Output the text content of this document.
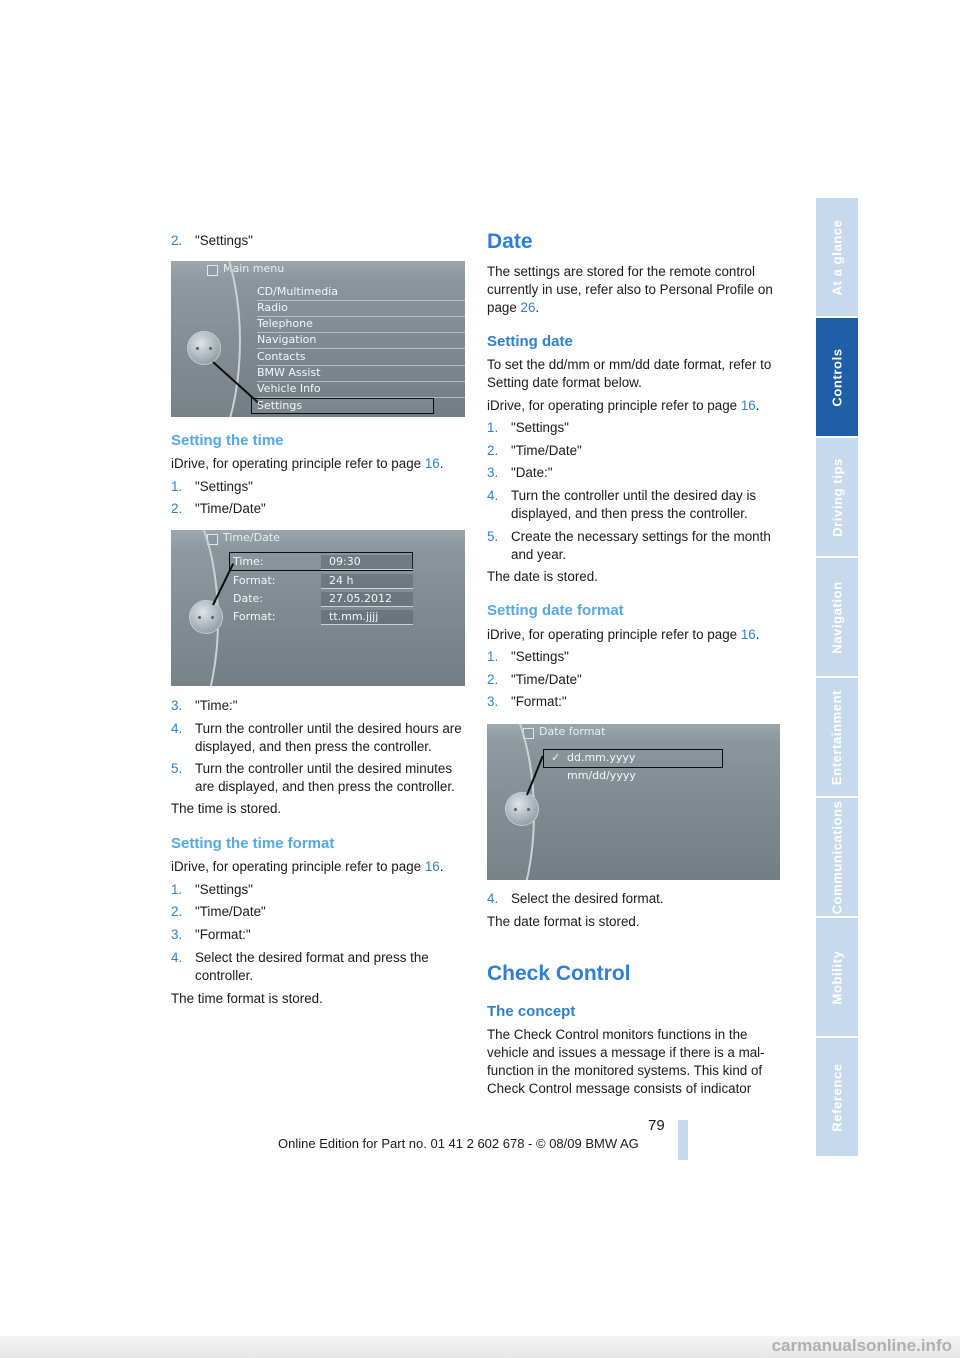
At a glance
Controls
Driving tips
Navigation
Entertainment
Communications
Mobility
Reference
2. "Settings"
Main menu
CD/Multimedia
Radio
Telephone
Navigation
Contacts
BMW Assist
Vehicle Info
Settings
Setting the time
iDrive, for operating principle refer to page 16.
1. "Settings"
2. "Time/Date"
Time/Date
Time:	09:30
Format:	24 h
Date:	27.05.2012
Format:	tt.mm.jjjj
3. "Time:"
4. Turn the controller until the desired hours are displayed, and then press the controller.
5. Turn the controller until the desired minutes are displayed, and then press the controller.
The time is stored.
Setting the time format
iDrive, for operating principle refer to page 16.
1. "Settings"
2. "Time/Date"
3. "Format:"
4. Select the desired format and press the controller.
The time format is stored.
Date
The settings are stored for the remote control currently in use, refer also to Personal Profile on page 26.
Setting date
To set the dd/mm or mm/dd date format, refer to Setting date format below.
iDrive, for operating principle refer to page 16.
1. "Settings"
2. "Time/Date"
3. "Date:"
4. Turn the controller until the desired day is displayed, and then press the controller.
5. Create the necessary settings for the month and year.
The date is stored.
Setting date format
iDrive, for operating principle refer to page 16.
1. "Settings"
2. "Time/Date"
3. "Format:"
Date format
✓ dd.mm.yyyy
mm/dd/yyyy
4. Select the desired format.
The date format is stored.
Check Control
The concept
The Check Control monitors functions in the vehicle and issues a message if there is a mal-function in the monitored systems. This kind of Check Control message consists of indicator
79
Online Edition for Part no. 01 41 2 602 678 - © 08/09 BMW AG
carmanualsonline.info
